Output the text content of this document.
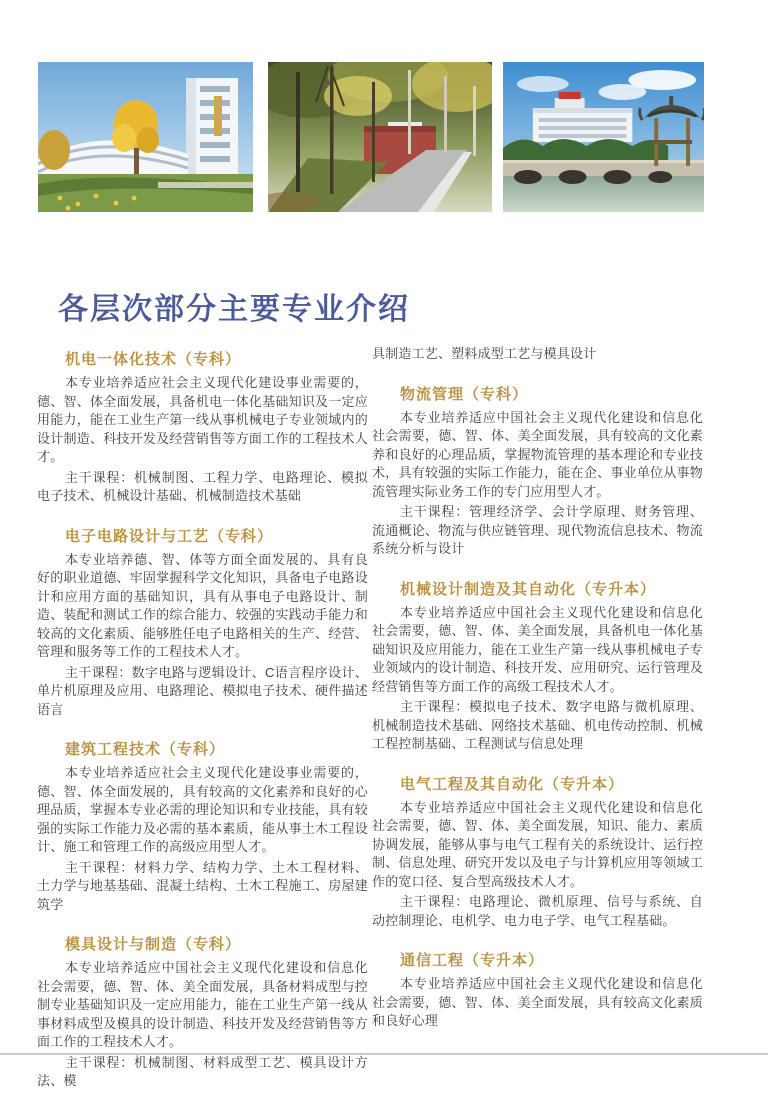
各层次部分主要专业介绍
机电一体化技术（专科）

本专业培养适应社会主义现代化建设事业需要的，德、智、体全面发展，具备机电一体化基础知识及一定应用能力，能在工业生产第一线从事机械电子专业领域内的设计制造、科技开发及经营销售等方面工作的工程技术人才。

主干课程：机械制图、工程力学、电路理论、模拟电子技术、机械设计基础、机械制造技术基础

电子电路设计与工艺（专科）

本专业培养德、智、体等方面全面发展的、具有良好的职业道德、牢固掌握科学文化知识，具备电子电路设计和应用方面的基础知识，具有从事电子电路设计、制造、装配和测试工作的综合能力、较强的实践动手能力和较高的文化素质、能够胜任电子电路相关的生产、经营、管理和服务等工作的工程技术人才。

主干课程：数字电路与逻辑设计、C语言程序设计、单片机原理及应用、电路理论、模拟电子技术、硬件描述语言

建筑工程技术（专科）

本专业培养适应社会主义现代化建设事业需要的，德、智、体全面发展的，具有较高的文化素养和良好的心理品质，掌握本专业必需的理论知识和专业技能，具有较强的实际工作能力及必需的基本素质，能从事土木工程设计、施工和管理工作的高级应用型人才。

主干课程：材料力学、结构力学、土木工程材料、土力学与地基基础、混凝土结构、土木工程施工、房屋建筑学

模具设计与制造（专科）

本专业培养适应中国社会主义现代化建设和信息化社会需要，德、智、体、美全面发展，具备材料成型与控制专业基础知识及一定应用能力，能在工业生产第一线从事材料成型及模具的设计制造、科技开发及经营销售等方面工作的工程技术人才。

主干课程：机械制图、材料成型工艺、模具设计方法、模

具制造工艺、塑料成型工艺与模具设计

物流管理（专科）

本专业培养适应中国社会主义现代化建设和信息化社会需要，德、智、体、美全面发展，具有较高的文化素养和良好的心理品质，掌握物流管理的基本理论和专业技术，具有较强的实际工作能力，能在企、事业单位从事物流管理实际业务工作的专门应用型人才。

主干课程：管理经济学、会计学原理、财务管理、流通概论、物流与供应链管理、现代物流信息技术、物流系统分析与设计

机械设计制造及其自动化（专升本）

本专业培养适应中国社会主义现代化建设和信息化社会需要，德、智、体、美全面发展，具备机电一体化基础知识及应用能力，能在工业生产第一线从事机械电子专业领域内的设计制造、科技开发、应用研究、运行管理及经营销售等方面工作的高级工程技术人才。

主干课程：模拟电子技术、数字电路与微机原理、机械制造技术基础、网络技术基础、机电传动控制、机械工程控制基础、工程测试与信息处理

电气工程及其自动化（专升本）

本专业培养适应中国社会主义现代化建设和信息化社会需要，德、智、体、美全面发展，知识、能力、素质协调发展，能够从事与电气工程有关的系统设计、运行控制、信息处理、研究开发以及电子与计算机应用等领域工作的宽口径、复合型高级技术人才。

主干课程：电路理论、微机原理、信号与系统、自动控制理论、电机学、电力电子学、电气工程基础。

通信工程（专升本）

本专业培养适应中国社会主义现代化建设和信息化社会需要，德、智、体、美全面发展，具有较高文化素质和良好心理
